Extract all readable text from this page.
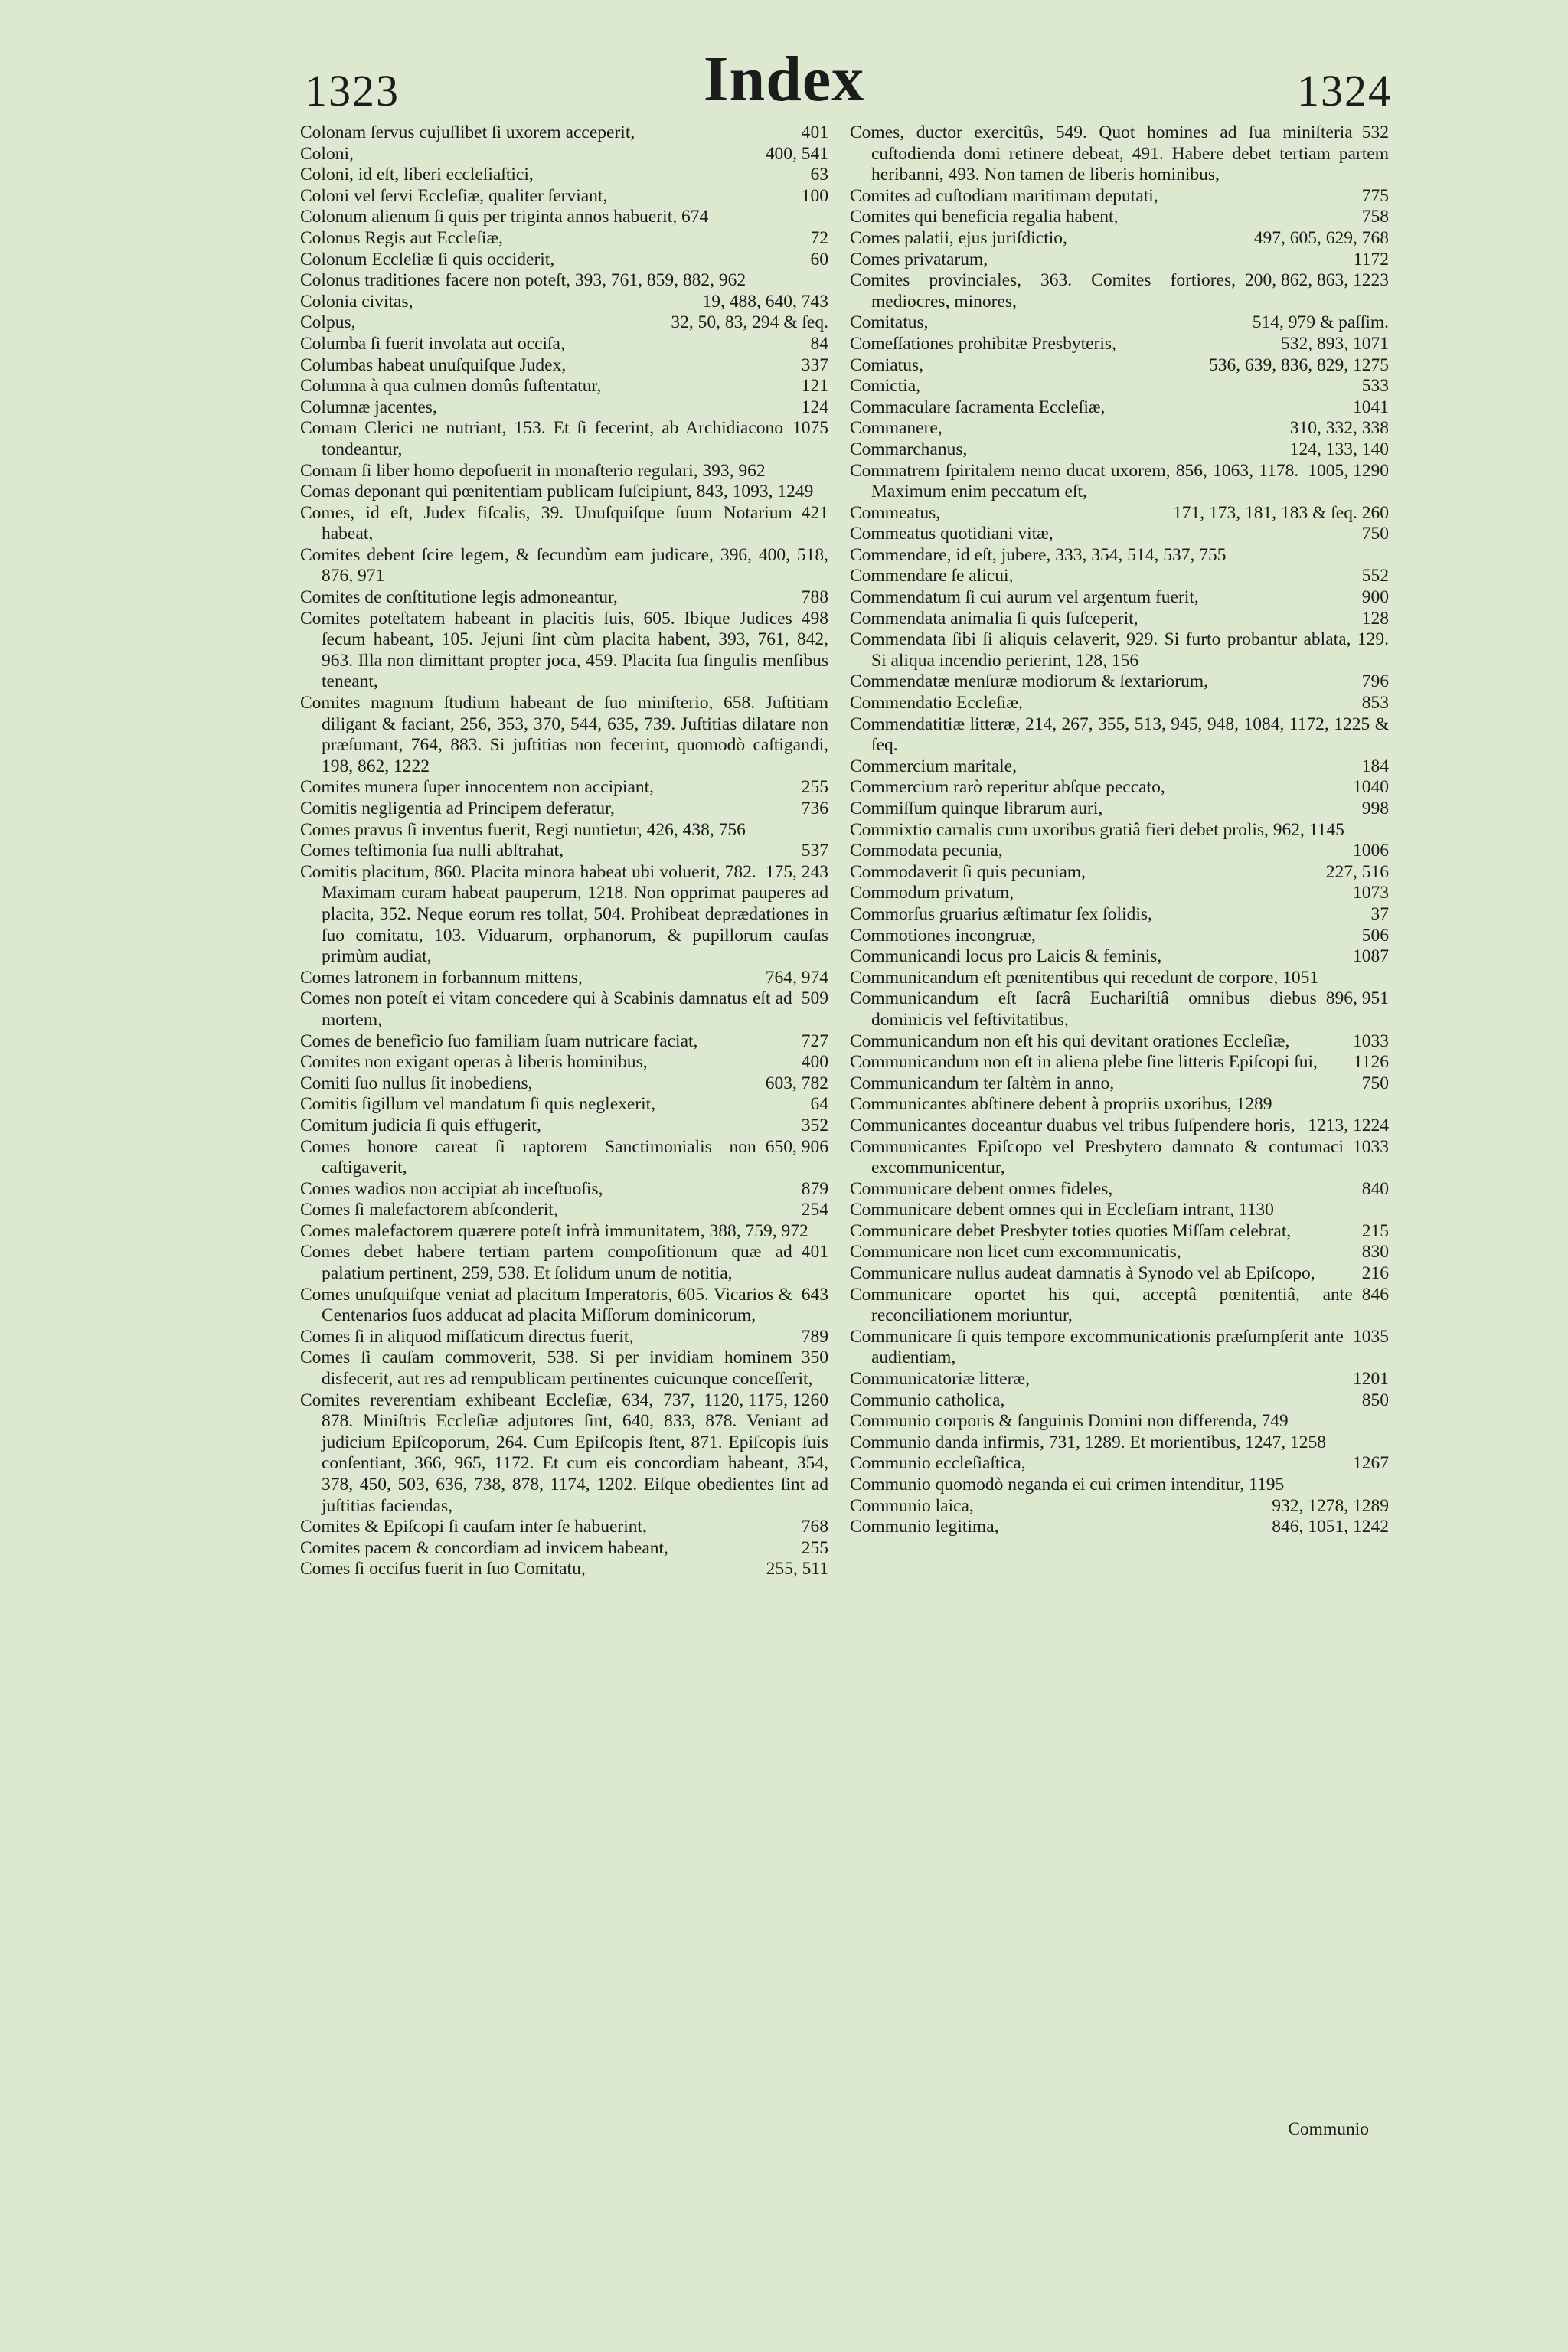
1323	Index	1324
401
Colonam ſervus cujuſlibet ſi uxorem acceperit,
400, 541
Coloni,
63
Coloni, id eſt, liberi eccleſiaſtici,
100
Coloni vel ſervi Eccleſiæ, qualiter ſerviant,
Colonum alienum ſi quis per triginta annos habuerit, 674
72
Colonus Regis aut Eccleſiæ,
60
Colonum Eccleſiæ ſi quis occiderit,
Colonus traditiones facere non poteſt, 393, 761, 859, 882, 962
19, 488, 640, 743
Colonia civitas,
32, 50, 83, 294 & ſeq.
Colpus,
84
Columba ſi fuerit involata aut occiſa,
337
Columbas habeat unuſquiſque Judex,
121
Columna à qua culmen domûs ſuſtentatur,
124
Columnæ jacentes,
1075
Comam Clerici ne nutriant, 153. Et ſi fecerint, ab Archidiacono tondeantur,
Comam ſi liber homo depoſuerit in monaſterio regulari, 393, 962
Comas deponant qui pœnitentiam publicam ſuſcipiunt, 843, 1093, 1249
421
Comes, id eſt, Judex fiſcalis, 39. Unuſquiſque ſuum Notarium habeat,
Comites debent ſcire legem, & ſecundùm eam judicare, 396, 400, 518, 876, 971
788
Comites de conſtitutione legis admoneantur,
498
Comites poteſtatem habeant in placitis ſuis, 605. Ibique Judices ſecum habeant, 105. Jejuni ſint cùm placita habent, 393, 761, 842, 963. Illa non dimittant propter joca, 459. Placita ſua ſingulis menſibus teneant,
Comites magnum ſtudium habeant de ſuo miniſterio, 658. Juſtitiam diligant & faciant, 256, 353, 370, 544, 635, 739. Juſtitias dilatare non præſumant, 764, 883. Si juſtitias non fecerint, quomodò caſtigandi, 198, 862, 1222
255
Comites munera ſuper innocentem non accipiant,
736
Comitis negligentia ad Principem deferatur,
Comes pravus ſi inventus fuerit, Regi nuntietur, 426, 438, 756
537
Comes teſtimonia ſua nulli abſtrahat,
175, 243
Comitis placitum, 860. Placita minora habeat ubi voluerit, 782. Maximam curam habeat pauperum, 1218. Non opprimat pauperes ad placita, 352. Neque eorum res tollat, 504. Prohibeat deprædationes in ſuo comitatu, 103. Viduarum, orphanorum, & pupillorum cauſas primùm audiat,
764, 974
Comes latronem in forbannum mittens,
509
Comes non poteſt ei vitam concedere qui à Scabinis damnatus eſt ad mortem,
727
Comes de beneficio ſuo familiam ſuam nutricare faciat,
400
Comites non exigant operas à liberis hominibus,
603, 782
Comiti ſuo nullus ſit inobediens,
64
Comitis ſigillum vel mandatum ſi quis neglexerit,
352
Comitum judicia ſi quis effugerit,
650, 906
Comes honore careat ſi raptorem Sanctimonialis non caſtigaverit,
879
Comes wadios non accipiat ab inceſtuoſis,
254
Comes ſi malefactorem abſconderit,
Comes malefactorem quærere poteſt infrà immunitatem, 388, 759, 972
401
Comes debet habere tertiam partem compoſitionum quæ ad palatium pertinent, 259, 538. Et ſolidum unum de notitia,
643
Comes unuſquiſque veniat ad placitum Imperatoris, 605. Vicarios & Centenarios ſuos adducat ad placita Miſſorum dominicorum,
789
Comes ſi in aliquod miſſaticum directus fuerit,
350
Comes ſi cauſam commoverit, 538. Si per invidiam hominem disfecerit, aut res ad rempublicam pertinentes cuicunque conceſſerit,
1120, 1175, 1260
Comites reverentiam exhibeant Eccleſiæ, 634, 737, 878. Miniſtris Eccleſiæ adjutores ſint, 640, 833, 878. Veniant ad judicium Epiſcoporum, 264. Cum Epiſcopis ſtent, 871. Epiſcopis ſuis conſentiant, 366, 965, 1172. Et cum eis concordiam habeant, 354, 378, 450, 503, 636, 738, 878, 1174, 1202. Eiſque obedientes ſint ad juſtitias faciendas,
768
Comites & Epiſcopi ſi cauſam inter ſe habuerint,
255
Comites pacem & concordiam ad invicem habeant,
255, 511
Comes ſi occiſus fuerit in ſuo Comitatu,
532
Comes, ductor exercitûs, 549. Quot homines ad ſua miniſteria cuſtodienda domi retinere debeat, 491. Habere debet tertiam partem heribanni, 493. Non tamen de liberis hominibus,
775
Comites ad cuſtodiam maritimam deputati,
758
Comites qui beneficia regalia habent,
497, 605, 629, 768
Comes palatii, ejus juriſdictio,
1172
Comes privatarum,
200, 862, 863, 1223
Comites provinciales, 363. Comites fortiores, mediocres, minores,
514, 979 & paſſim.
Comitatus,
532, 893, 1071
Comeſſationes prohibitæ Presbyteris,
536, 639, 836, 829, 1275
Comiatus,
533
Comictia,
1041
Commaculare ſacramenta Eccleſiæ,
310, 332, 338
Commanere,
124, 133, 140
Commarchanus,
1005, 1290
Commatrem ſpiritalem nemo ducat uxorem, 856, 1063, 1178. Maximum enim peccatum eſt,
171, 173, 181, 183 & ſeq. 260
Commeatus,
750
Commeatus quotidiani vitæ,
Commendare, id eſt, jubere, 333, 354, 514, 537, 755
552
Commendare ſe alicui,
900
Commendatum ſi cui aurum vel argentum fuerit,
128
Commendata animalia ſi quis ſuſceperit,
Commendata ſibi ſi aliquis celaverit, 929. Si furto probantur ablata, 129. Si aliqua incendio perierint, 128, 156
796
Commendatæ menſuræ modiorum & ſextariorum,
853
Commendatio Eccleſiæ,
Commendatitiæ litteræ, 214, 267, 355, 513, 945, 948, 1084, 1172, 1225 & ſeq.
184
Commercium maritale,
1040
Commercium rarò reperitur abſque peccato,
998
Commiſſum quinque librarum auri,
Commixtio carnalis cum uxoribus gratiâ fieri debet prolis, 962, 1145
1006
Commodata pecunia,
227, 516
Commodaverit ſi quis pecuniam,
1073
Commodum privatum,
37
Commorſus gruarius æſtimatur ſex ſolidis,
506
Commotiones incongruæ,
1087
Communicandi locus pro Laicis & feminis,
Communicandum eſt pœnitentibus qui recedunt de corpore, 1051
896, 951
Communicandum eſt ſacrâ Euchariſtiâ omnibus diebus dominicis vel feſtivitatibus,
1033
Communicandum non eſt his qui devitant orationes Eccleſiæ,
1126
Communicandum non eſt in aliena plebe ſine litteris Epiſcopi ſui,
750
Communicandum ter ſaltèm in anno,
Communicantes abſtinere debent à propriis uxoribus, 1289
1213, 1224
Communicantes doceantur duabus vel tribus ſuſpendere horis,
1033
Communicantes Epiſcopo vel Presbytero damnato & contumaci excommunicentur,
840
Communicare debent omnes fideles,
Communicare debent omnes qui in Eccleſiam intrant, 1130
215
Communicare debet Presbyter toties quoties Miſſam celebrat,
830
Communicare non licet cum excommunicatis,
216
Communicare nullus audeat damnatis à Synodo vel ab Epiſcopo,
846
Communicare oportet his qui, acceptâ pœnitentiâ, ante reconciliationem moriuntur,
1035
Communicare ſi quis tempore excommunicationis præſumpſerit ante audientiam,
1201
Communicatoriæ litteræ,
850
Communio catholica,
Communio corporis & ſanguinis Domini non differenda, 749
Communio danda infirmis, 731, 1289. Et morientibus, 1247, 1258
1267
Communio eccleſiaſtica,
Communio quomodò neganda ei cui crimen intenditur, 1195
932, 1278, 1289
Communio laica,
846, 1051, 1242
Communio legitima,
Communio
